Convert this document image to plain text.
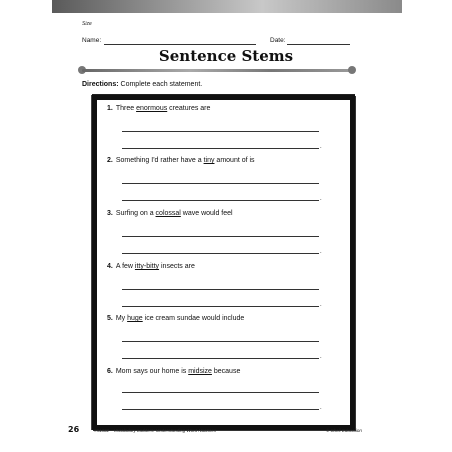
Size
Name:	Date:
Sentence Stems
Directions: Complete each statement.
1. Three enormous creatures are
.
2. Something I'd rather have a tiny amount of is
.
3. Surfing on a colossal wave would feel
.
4. A few itty-bitty insects are
.
5. My huge ice cream sundae would include
.
6. Mom says our home is midsize because
.
26	#51302—Vocabulary Ladders: Understanding Word Nuances	© Shell Education
